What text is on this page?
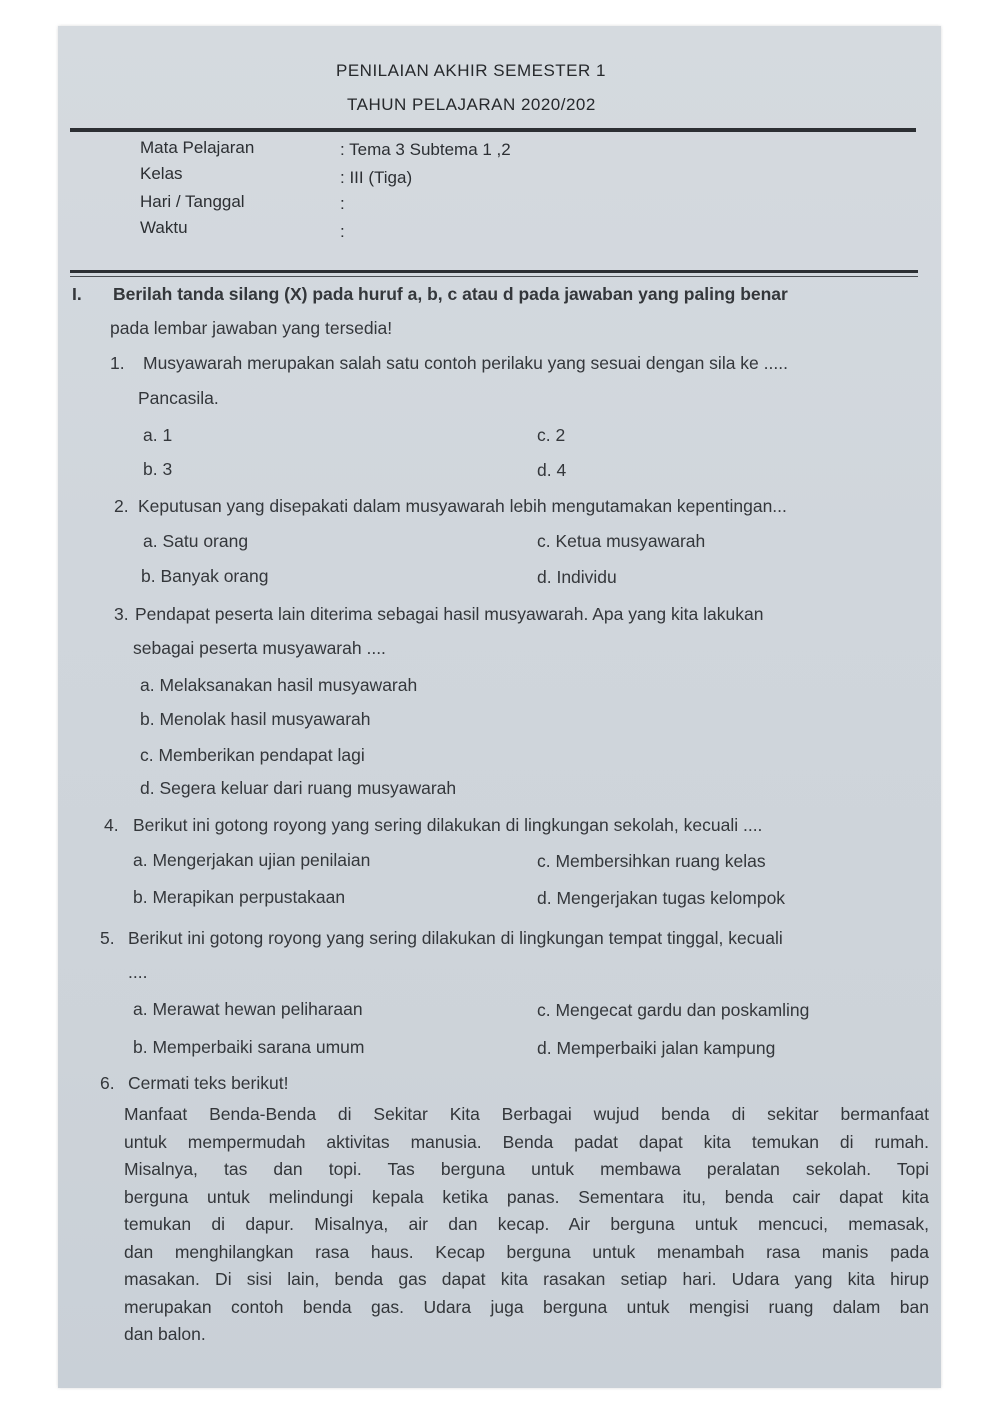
PENILAIAN AKHIR SEMESTER 1
TAHUN PELAJARAN 2020/202
Mata Pelajaran	: Tema 3 Subtema 1 ,2
Kelas	: III (Tiga)
Hari / Tanggal	:
Waktu	:
I. Berilah tanda silang (X) pada huruf a, b, c atau d pada jawaban yang paling benar
pada lembar jawaban yang tersedia!
1. Musyawarah merupakan salah satu contoh perilaku yang sesuai dengan sila ke .....
Pancasila.
a. 1
b. 3
c. 2
d. 4
2. Keputusan yang disepakati dalam musyawarah lebih mengutamakan kepentingan...
a. Satu orang
b. Banyak orang
c. Ketua musyawarah
d. Individu
3. Pendapat peserta lain diterima sebagai hasil musyawarah. Apa yang kita lakukan
sebagai peserta musyawarah ....
a. Melaksanakan hasil musyawarah
b. Menolak hasil musyawarah
c. Memberikan pendapat lagi
d. Segera keluar dari ruang musyawarah
4. Berikut ini gotong royong yang sering dilakukan di lingkungan sekolah, kecuali ....
a. Mengerjakan ujian penilaian
b. Merapikan perpustakaan
c. Membersihkan ruang kelas
d. Mengerjakan tugas kelompok
5. Berikut ini gotong royong yang sering dilakukan di lingkungan tempat tinggal, kecuali
....
a. Merawat hewan peliharaan
b. Memperbaiki sarana umum
c. Mengecat gardu dan poskamling
d. Memperbaiki jalan kampung
6. Cermati teks berikut!

Manfaat Benda-Benda di Sekitar Kita Berbagai wujud benda di sekitar bermanfaat

untuk mempermudah aktivitas manusia. Benda padat dapat kita temukan di rumah.

Misalnya, tas dan topi. Tas berguna untuk membawa peralatan sekolah. Topi

berguna untuk melindungi kepala ketika panas. Sementara itu, benda cair dapat kita

temukan di dapur. Misalnya, air dan kecap. Air berguna untuk mencuci, memasak,

dan menghilangkan rasa haus. Kecap berguna untuk menambah rasa manis pada

masakan. Di sisi lain, benda gas dapat kita rasakan setiap hari. Udara yang kita hirup

merupakan contoh benda gas. Udara juga berguna untuk mengisi ruang dalam ban

dan balon.
